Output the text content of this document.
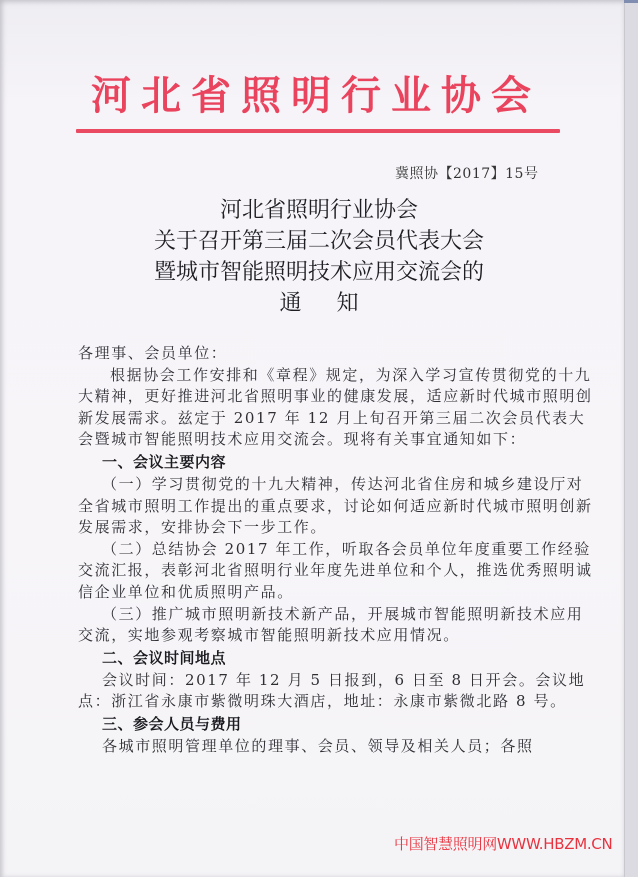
河北省照明行业协会
冀照协【2017】15号
河北省照明行业协会
关于召开第三届二次会员代表大会
暨城市智能照明技术应用交流会的
通 知

各理事、会员单位：

根据协会工作安排和《章程》规定，为深入学习宣传贯彻党的十九大精神，更好推进河北省照明事业的健康发展，适应新时代城市照明创新发展需求。兹定于 2017 年 12 月上旬召开第三届二次会员代表大会暨城市智能照明技术应用交流会。现将有关事宜通知如下：

一、会议主要内容

（一）学习贯彻党的十九大精神，传达河北省住房和城乡建设厅对全省城市照明工作提出的重点要求，讨论如何适应新时代城市照明创新发展需求，安排协会下一步工作。

（二）总结协会 2017 年工作，听取各会员单位年度重要工作经验交流汇报，表彰河北省照明行业年度先进单位和个人，推选优秀照明诚信企业单位和优质照明产品。

（三）推广城市照明新技术新产品，开展城市智能照明新技术应用交流，实地参观考察城市智能照明新技术应用情况。

二、会议时间地点

会议时间：2017 年 12 月 5 日报到，6 日至 8 日开会。会议地点：浙江省永康市紫微明珠大酒店，地址：永康市紫微北路 8 号。

三、参会人员与费用

各城市照明管理单位的理事、会员、领导及相关人员；各照

中国智慧照明网WWW.HBZM.CN
